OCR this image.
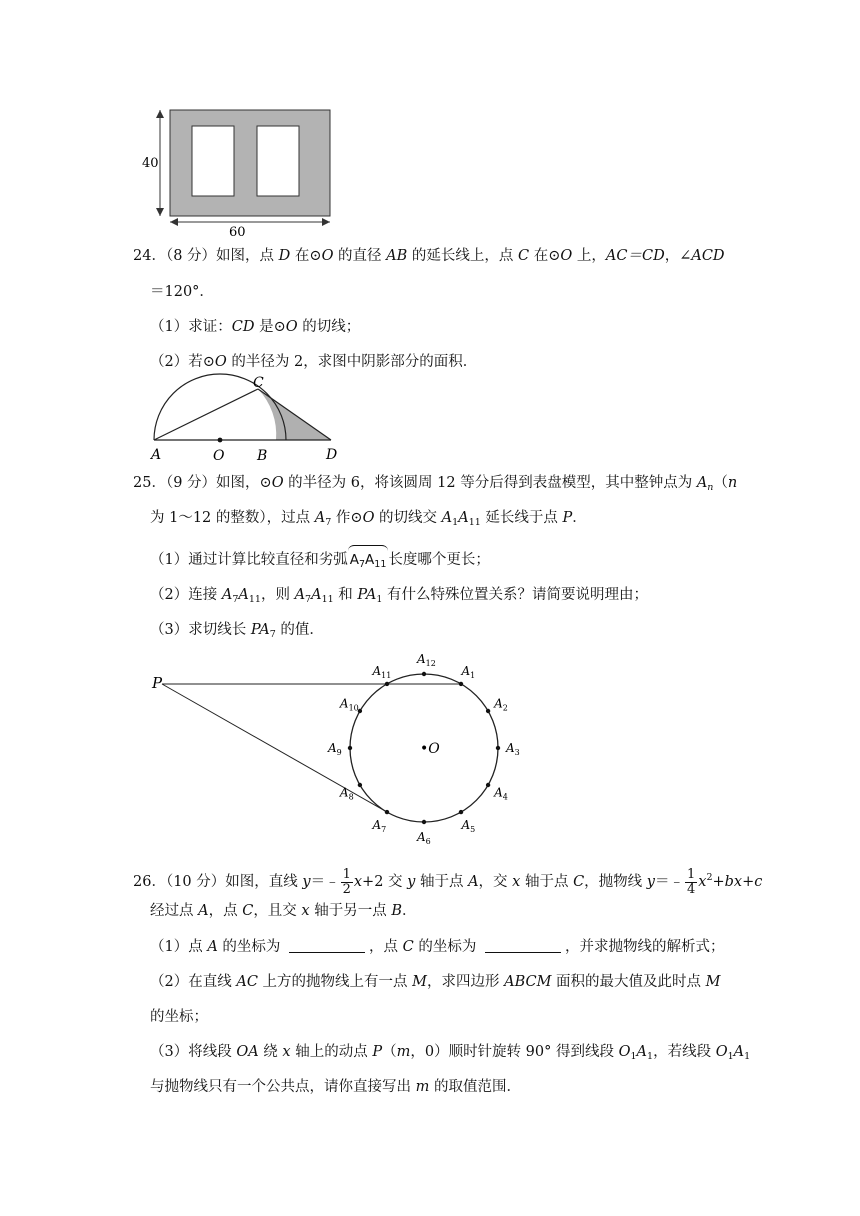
40
60
24．（8 分）如图，点 D 在⊙O 的直径 AB 的延长线上，点 C 在⊙O 上，AC＝CD，∠ACD
＝120°．
（1）求证：CD 是⊙O 的切线；
（2）若⊙O 的半径为 2，求图中阴影部分的面积．
A	O B
C
D
25．（9 分）如图，⊙O 的半径为 6，将该圆周 12 等分后得到表盘模型，其中整钟点为 $A_n(n$
为 1～12 的整数），过点 $A_7$ 作⊙O 的切线交 $A_1A_{11}$ 延长线于点 P．
（1）通过计算比较直径和劣弧 $A_7A_{11}$ 长度哪个更长；
（2）连接 $A_7A_{11}$，则 $A_7A_{11}$ 和 $PA_1$ 有什么特殊位置关系？请简要说明理由；
（3）求切线长 $PA_7$ 的值．
P
•O
$A_1$
$A_2$
$A_3$
$A_4$
$A_5$
$A_6$
$A_7$
$A_8$
$A_9$
$A_{10}$
$A_{11}$
$A_{12}$
26．（10 分）如图，直线 y＝﹣ $\frac{1}{2} x+2$ 交 y 轴于点 A，交 x 轴于点 C，抛物线 y＝﹣ $\frac{1}{4} x^2+bx+c$
经过点 A，点 C，且交 x 轴于另一点 B．
（1）点 A 的坐标为	，点 C 的坐标为	，并求抛物线的解析式；
（2）在直线 AC 上方的抛物线上有一点 M，求四边形 ABCM 面积的最大值及此时点 M
的坐标；
（3）将线段 OA 绕 x 轴上的动点 P（m，0）顺时针旋转 90° 得到线段 $O_1A_1$，若线段 $O_1A_1$
与抛物线只有一个公共点，请你直接写出 m 的取值范围．
